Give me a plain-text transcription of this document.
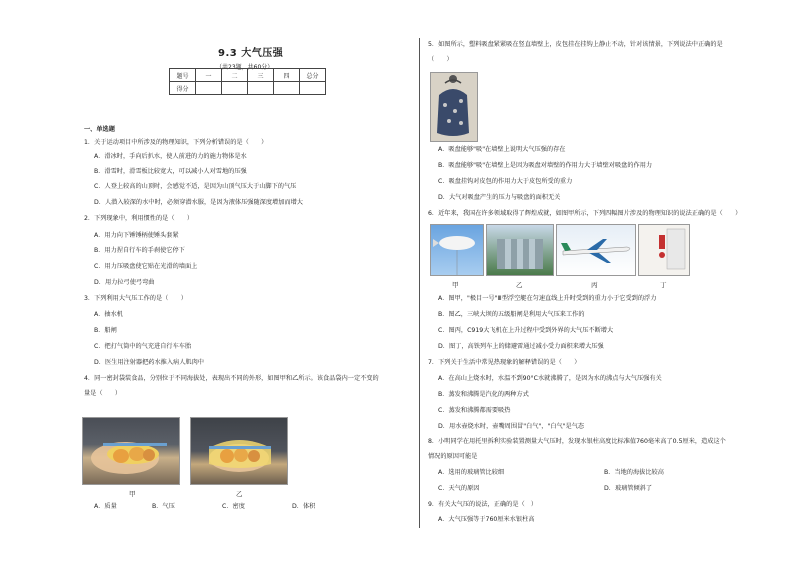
9.3 大气压强
（共23题，共60分）
题号	一	二	三	四	总分
得分					
一、单选题
1．关于运动项目中所涉及的物理知识，下列分析错误的是（　　）
A．滑冰时，手向后扒水，使人前进的力的施力物体是水
B．滑雪时，滑雪板比较宽大，可以减小人对雪地的压强
C．人登上较高的山顶时，会感觉不适，是因为山顶气压大于山脚下的气压
D．人潜入较深的水中时，必须穿潜水服，是因为液体压强随深度增加而增大
2．下列现象中，利用惯性的是（　　）
A．用力向下锤锤柄使锤头套紧
B．用力捏自行车的手刹使它停下
C．用力压吸盘使它贴在光滑的墙面上
D．用力拉弓使弓弯曲
3．下列利用大气压工作的是（　　）
A．抽水机
B．船闸
C．把打气筒中的气充进自行车车胎
D．医生用注射器把药水推入病人肌肉中
4．同一密封袋装食品，分别位于不同海拔处，表现出不同的外形，如图甲和乙所示。该食品袋内一定不变的
量是（　　）
甲	乙
A．质量	B．气压	C．密度	D．体积
5．如图所示，塑料吸盘紧紧吸在竖直墙壁上，皮包挂在挂钩上静止不动，针对该情景，下列说法中正确的是
（　　）
A．吸盘能够"吸"在墙壁上说明大气压强的存在
B．吸盘能够"吸"在墙壁上是因为吸盘对墙壁的作用力大于墙壁对吸盘的作用力
C．吸盘挂钩对皮包的作用力大于皮包所受的重力
D．大气对吸盘产生的压力与吸盘的面积无关
6．近年来，我国在许多领域取得了辉煌成就，如图甲所示，下列四幅图片涉及的物理知识的说法正确的是（　　）
甲	乙	丙	丁
A．图甲，"极目一号"Ⅲ型浮空艇在匀速直线上升时受到的重力小于它受到的浮力
B．图乙，三峡大坝的五级船闸是利用大气压来工作的
C．图丙，C919大飞机在上升过程中受到外界的大气压不断增大
D．图丁，高铁列车上的储避雷通过减小受力面积来增大压强
7．下列关于生活中常见热现象的解释错误的是（　　）
A．在高山上烧水时，水温不到90°C水就沸腾了，是因为水的沸点与大气压强有关
B．蒸发和沸腾是汽化的两种方式
C．蒸发和沸腾都需要吸热
D．用水壶烧水时，壶嘴周围冒"白气"，"白气"是气态
8．小明同学在用托里拆利实验装置测量大气压时，发现水银柱高度比标准值760毫米高了0.5厘米，造成这个
情况的原因可能是
A．选用的玻璃管比较细	B．当地的海拔比较高
C．天气的原因	D．玻璃管倾斜了
9．有关大气压的说法，正确的是（　）
A．大气压强等于760厘米水银柱高
